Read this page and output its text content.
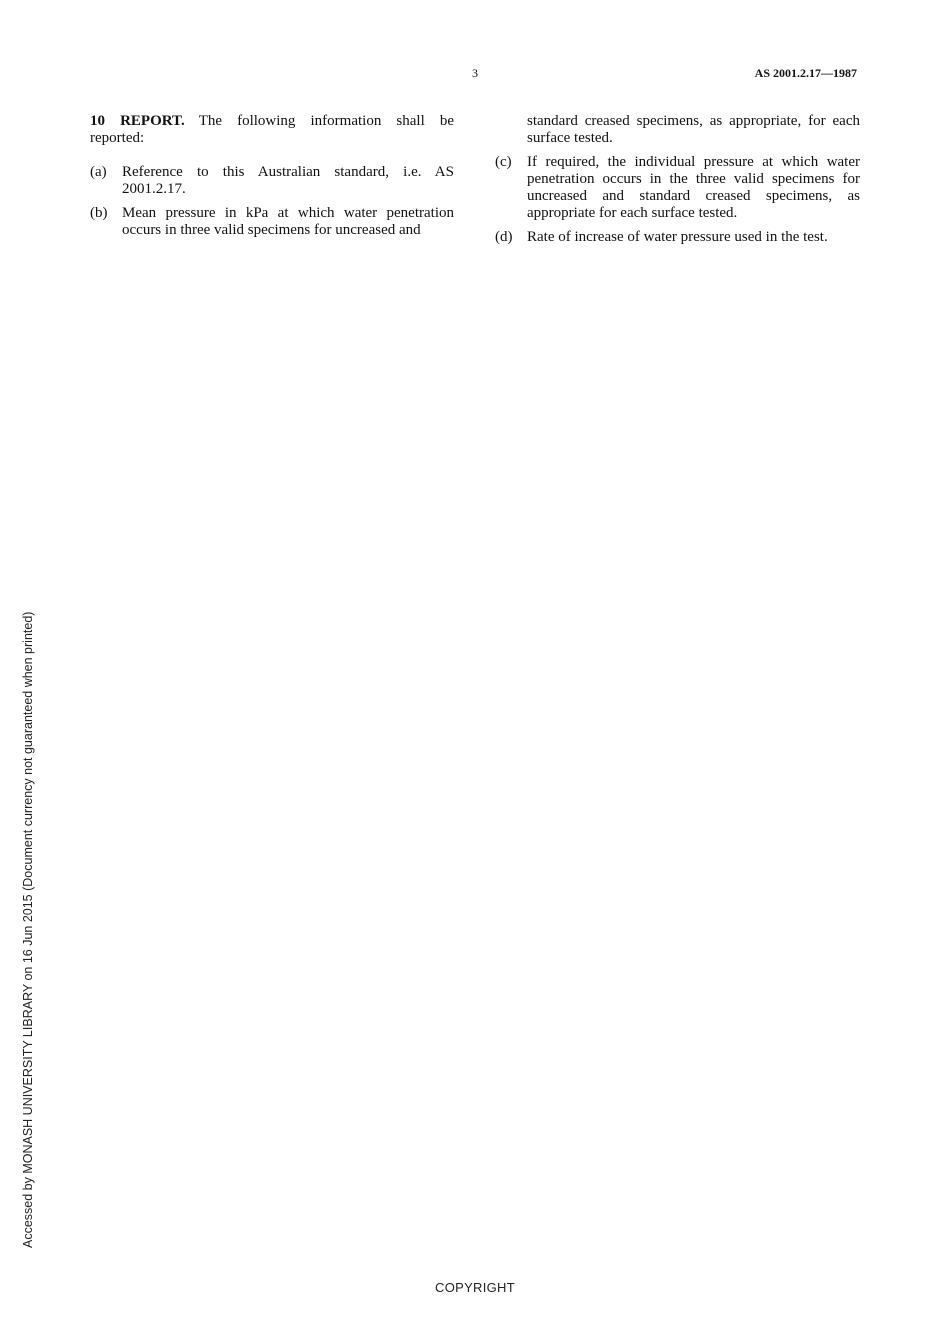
3	AS 2001.2.17—1987

10 REPORT. The following information shall be reported:

(a)	Reference to this Australian standard, i.e. AS 2001.2.17.
(b) Mean pressure in kPa at which water penetration occurs in three valid specimens for uncreased and

standard creased specimens, as appropriate, for each surface tested.

(c)	If required, the individual pressure at which water penetration occurs in the three valid specimens for uncreased and standard creased specimens, as appropriate for each surface tested.
(d) Rate of increase of water pressure used in the test.
Accessed by MONASH UNIVERSITY LIBRARY on 16 Jun 2015 (Document currency not guaranteed when printed)
COPYRIGHT
